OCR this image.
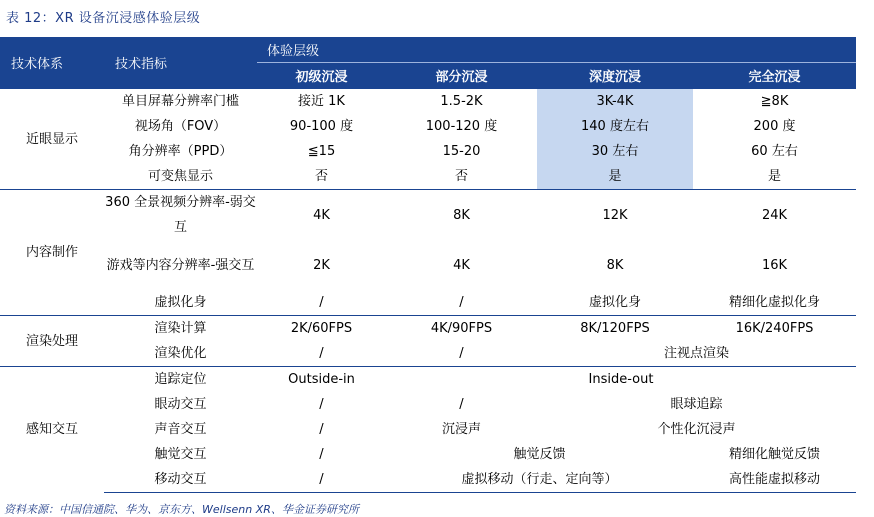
表 12：XR 设备沉浸感体验层级
技术体系	技术指标	体验层级			
		初级沉浸	部分沉浸	深度沉浸	完全沉浸
近眼显示	单目屏幕分辨率门槛	接近 1K	1.5-2K	3K-4K	≧8K
	视场角（FOV）	90-100 度	100-120 度	140 度左右	200 度
	角分辨率（PPD）	≦15	15-20	30 左右	60 左右
	可变焦显示	否	否	是	是
内容制作	360 全景视频分辨率-弱交互	4K	8K	12K	24K
	游戏等内容分辨率-强交互	2K	4K	8K	16K
	虚拟化身	/	/	虚拟化身	精细化虚拟化身
渲染处理	渲染计算	2K/60FPS	4K/90FPS	8K/120FPS	16K/240FPS
	渲染优化	/	/	注视点渲染	
感知交互	追踪定位	Outside-in	Inside-out		
	眼动交互	/	/	眼球追踪	
	声音交互	/	沉浸声	个性化沉浸声	
	触觉交互	/	触觉反馈		精细化触觉反馈
	移动交互	/	虚拟移动（行走、定向等）		高性能虚拟移动
资料来源：中国信通院、华为、京东方、Wellsenn XR、华金证券研究所
